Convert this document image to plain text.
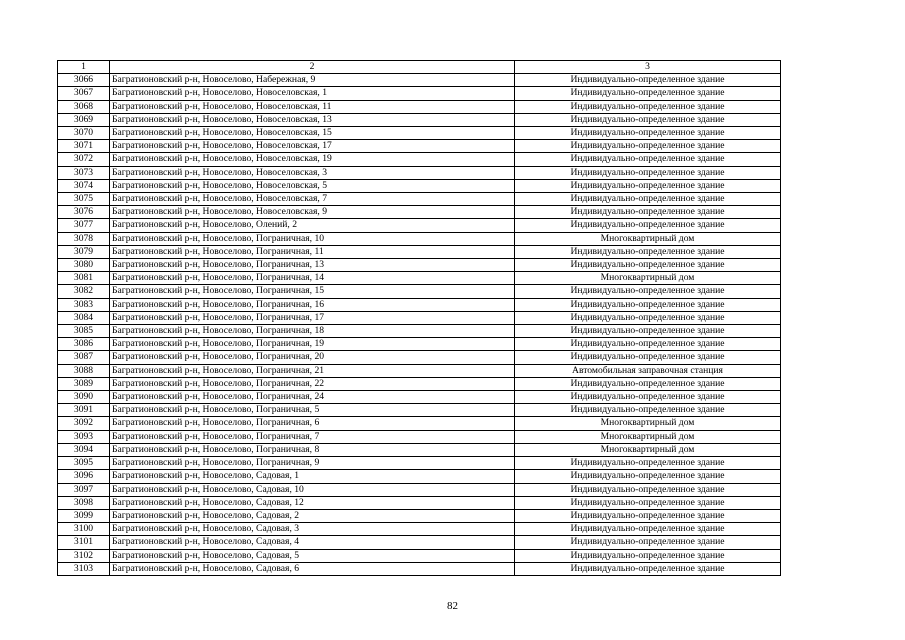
1	2	3
3066	Багратионовский р-н, Новоселово, Набережная, 9	Индивидуально-определенное здание
3067	Багратионовский р-н, Новоселово, Новоселовская, 1	Индивидуально-определенное здание
3068	Багратионовский р-н, Новоселово, Новоселовская, 11	Индивидуально-определенное здание
3069	Багратионовский р-н, Новоселово, Новоселовская, 13	Индивидуально-определенное здание
3070	Багратионовский р-н, Новоселово, Новоселовская, 15	Индивидуально-определенное здание
3071	Багратионовский р-н, Новоселово, Новоселовская, 17	Индивидуально-определенное здание
3072	Багратионовский р-н, Новоселово, Новоселовская, 19	Индивидуально-определенное здание
3073	Багратионовский р-н, Новоселово, Новоселовская, 3	Индивидуально-определенное здание
3074	Багратионовский р-н, Новоселово, Новоселовская, 5	Индивидуально-определенное здание
3075	Багратионовский р-н, Новоселово, Новоселовская, 7	Индивидуально-определенное здание
3076	Багратионовский р-н, Новоселово, Новоселовская, 9	Индивидуально-определенное здание
3077	Багратионовский р-н, Новоселово, Олений, 2	Индивидуально-определенное здание
3078	Багратионовский р-н, Новоселово, Пограничная, 10	Многоквартирный дом
3079	Багратионовский р-н, Новоселово, Пограничная, 11	Индивидуально-определенное здание
3080	Багратионовский р-н, Новоселово, Пограничная, 13	Индивидуально-определенное здание
3081	Багратионовский р-н, Новоселово, Пограничная, 14	Многоквартирный дом
3082	Багратионовский р-н, Новоселово, Пограничная, 15	Индивидуально-определенное здание
3083	Багратионовский р-н, Новоселово, Пограничная, 16	Индивидуально-определенное здание
3084	Багратионовский р-н, Новоселово, Пограничная, 17	Индивидуально-определенное здание
3085	Багратионовский р-н, Новоселово, Пограничная, 18	Индивидуально-определенное здание
3086	Багратионовский р-н, Новоселово, Пограничная, 19	Индивидуально-определенное здание
3087	Багратионовский р-н, Новоселово, Пограничная, 20	Индивидуально-определенное здание
3088	Багратионовский р-н, Новоселово, Пограничная, 21	Автомобильная заправочная станция
3089	Багратионовский р-н, Новоселово, Пограничная, 22	Индивидуально-определенное здание
3090	Багратионовский р-н, Новоселово, Пограничная, 24	Индивидуально-определенное здание
3091	Багратионовский р-н, Новоселово, Пограничная, 5	Индивидуально-определенное здание
3092	Багратионовский р-н, Новоселово, Пограничная, 6	Многоквартирный дом
3093	Багратионовский р-н, Новоселово, Пограничная, 7	Многоквартирный дом
3094	Багратионовский р-н, Новоселово, Пограничная, 8	Многоквартирный дом
3095	Багратионовский р-н, Новоселово, Пограничная, 9	Индивидуально-определенное здание
3096	Багратионовский р-н, Новоселово, Садовая, 1	Индивидуально-определенное здание
3097	Багратионовский р-н, Новоселово, Садовая, 10	Индивидуально-определенное здание
3098	Багратионовский р-н, Новоселово, Садовая, 12	Индивидуально-определенное здание
3099	Багратионовский р-н, Новоселово, Садовая, 2	Индивидуально-определенное здание
3100	Багратионовский р-н, Новоселово, Садовая, 3	Индивидуально-определенное здание
3101	Багратионовский р-н, Новоселово, Садовая, 4	Индивидуально-определенное здание
3102	Багратионовский р-н, Новоселово, Садовая, 5	Индивидуально-определенное здание
3103	Багратионовский р-н, Новоселово, Садовая, 6	Индивидуально-определенное здание
82
